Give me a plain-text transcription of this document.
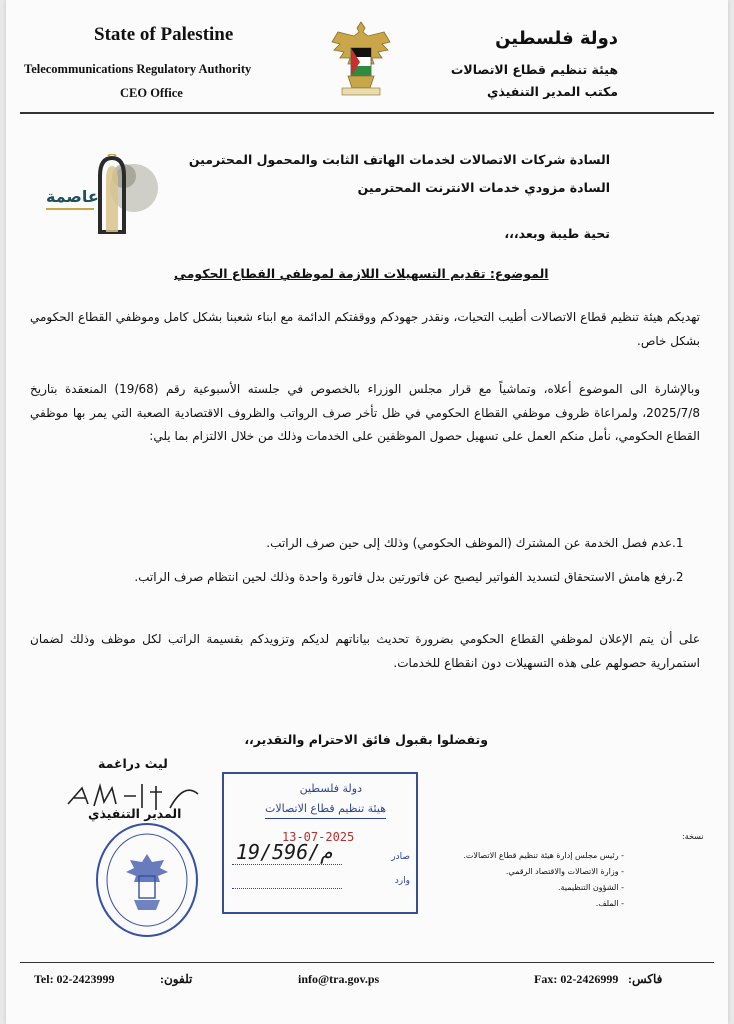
State of Palestine
Telecommunications Regulatory Authority
CEO Office
دولة فلسطين
هيئة تنظيم قطاع الاتصالات
مكتب المدير التنفيذي
عاصمة
السادة شركات الاتصالات لخدمات الهاتف الثابت والمحمول المحترمين
السادة مزودي خدمات الانترنت المحترمين
تحية طيبة وبعد،،،
الموضوع: تقديم التسهيلات اللازمة لموظفي القطاع الحكومي
تهديكم هيئة تنظيم قطاع الاتصالات أطيب التحيات، ونقدر جهودكم ووقفتكم الدائمة مع ابناء شعبنا بشكل كامل وموظفي القطاع الحكومي بشكل خاص.
وبالإشارة الى الموضوع أعلاه، وتماشياً مع قرار مجلس الوزراء بالخصوص في جلسته الأسبوعية رقم (19/68) المنعقدة بتاريخ 2025/7/8، ولمراعاة ظروف موظفي القطاع الحكومي في ظل تأخر صرف الرواتب والظروف الاقتصادية الصعبة التي يمر بها موظفي القطاع الحكومي، نأمل منكم العمل على تسهيل حصول الموظفين على الخدمات وذلك من خلال الالتزام بما يلي:
1.عدم فصل الخدمة عن المشترك (الموظف الحكومي) وذلك إلى حين صرف الراتب.
2.رفع هامش الاستحقاق لتسديد الفواتير ليصبح عن فاتورتين بدل فاتورة واحدة وذلك لحين انتظام صرف الراتب.
على أن يتم الإعلان لموظفي القطاع الحكومي بضرورة تحديث بياناتهم لديكم وتزويدكم بقسيمة الراتب لكل موظف وذلك لضمان استمرارية حصولهم على هذه التسهيلات دون انقطاع للخدمات.
وتفضلوا بقبول فائق الاحترام والتقدير،،
ليث دراغمة
المدير التنفيذي
دولة فلسطين
هيئة تنظيم قطاع الاتصالات
13-07-2025
19/596/م	صادر
وارد
نسخة:
- رئيس مجلس إدارة هيئة تنظيم قطاع الاتصالات.
- وزارة الاتصالات والاقتصاد الرقمي.
- الشؤون التنظيمية.
- الملف.
Tel: 02-2423999	تلفون:	info@tra.gov.ps	Fax: 02-2426999 فاكس:
